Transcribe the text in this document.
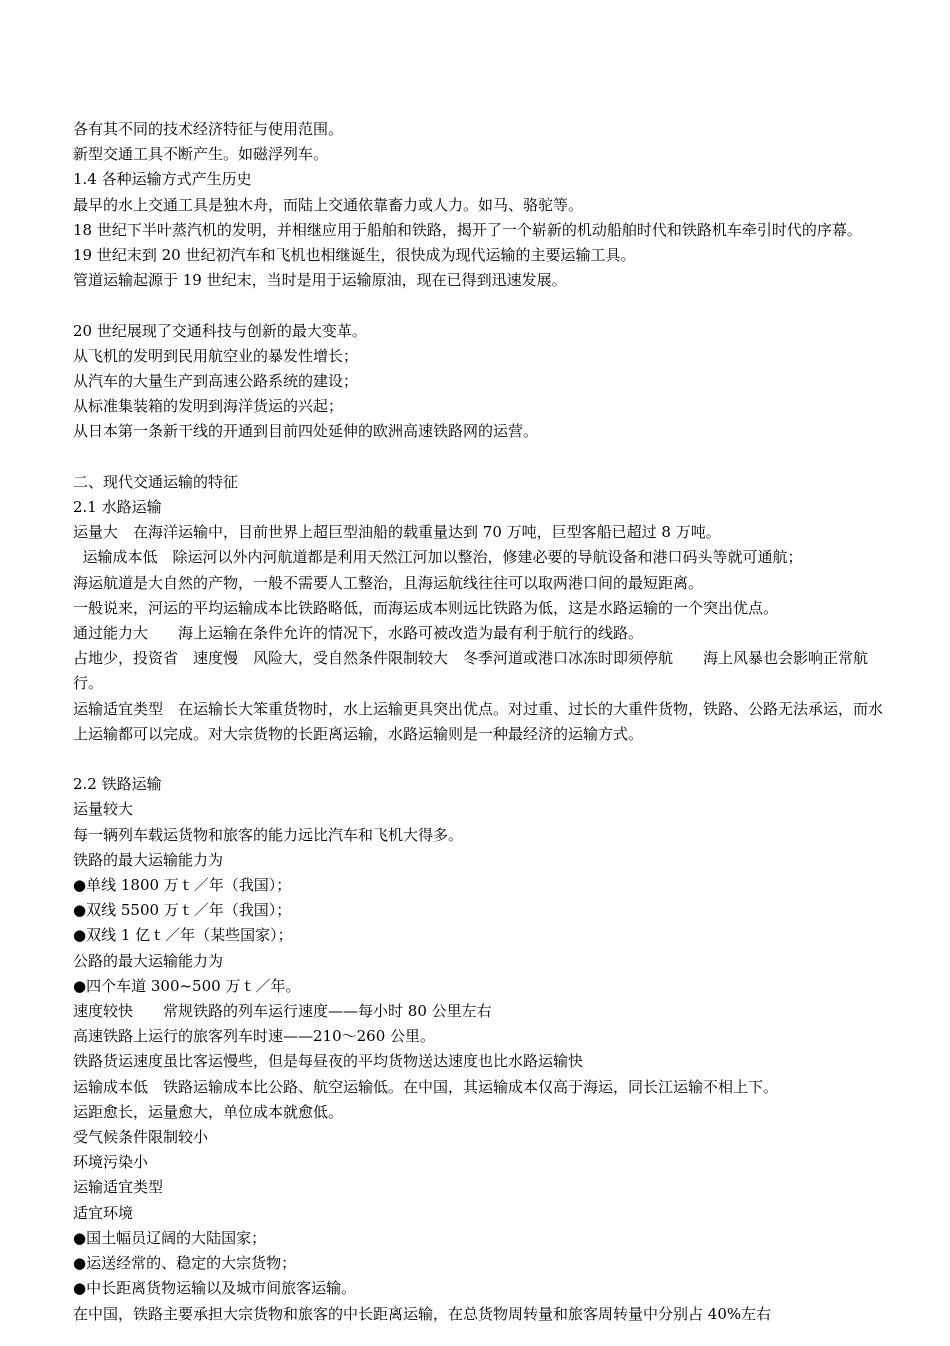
各有其不同的技术经济特征与使用范围。
新型交通工具不断产生。如磁浮列车。
1.4 各种运输方式产生历史
最早的水上交通工具是独木舟，而陆上交通依靠畜力或人力。如马、骆驼等。
18 世纪下半叶蒸汽机的发明，并相继应用于船舶和铁路，揭开了一个崭新的机动船舶时代和铁路机车牵引时代的序幕。
19 世纪末到 20 世纪初汽车和飞机也相继诞生，很快成为现代运输的主要运输工具。
管道运输起源于 19 世纪末，当时是用于运输原油，现在已得到迅速发展。
20 世纪展现了交通科技与创新的最大变革。
从飞机的发明到民用航空业的暴发性增长；
从汽车的大量生产到高速公路系统的建设；
从标准集装箱的发明到海洋货运的兴起；
从日本第一条新干线的开通到目前四处延伸的欧洲高速铁路网的运营。
二、现代交通运输的特征
2.1 水路运输
运量大　在海洋运输中，目前世界上超巨型油船的载重量达到 70 万吨，巨型客船已超过 8 万吨。
运输成本低　除运河以外内河航道都是利用天然江河加以整治，修建必要的导航设备和港口码头等就可通航；
海运航道是大自然的产物，一般不需要人工整治，且海运航线往往可以取两港口间的最短距离。
一般说来，河运的平均运输成本比铁路略低，而海运成本则远比铁路为低，这是水路运输的一个突出优点。
通过能力大　　海上运输在条件允许的情况下，水路可被改造为最有利于航行的线路。
占地少，投资省　速度慢　风险大，受自然条件限制较大　冬季河道或港口冰冻时即须停航　　海上风暴也会影响正常航行。
运输适宜类型　在运输长大笨重货物时，水上运输更具突出优点。对过重、过长的大重件货物，铁路、公路无法承运，而水上运输都可以完成。对大宗货物的长距离运输，水路运输则是一种最经济的运输方式。
2.2 铁路运输
运量较大
每一辆列车载运货物和旅客的能力远比汽车和飞机大得多。
铁路的最大运输能力为
●单线 1800 万ｔ／年（我国）；
●双线 5500 万ｔ／年（我国）；
●双线 1 亿ｔ／年（某些国家）；
公路的最大运输能力为
●四个车道 300~500 万ｔ／年。
速度较快　　常规铁路的列车运行速度——每小时 80 公里左右
高速铁路上运行的旅客列车时速——210～260 公里。
铁路货运速度虽比客运慢些，但是每昼夜的平均货物送达速度也比水路运输快
运输成本低　铁路运输成本比公路、航空运输低。在中国，其运输成本仅高于海运，同长江运输不相上下。
运距愈长，运量愈大，单位成本就愈低。
受气候条件限制较小
环境污染小
运输适宜类型
适宜环境
●国土幅员辽阔的大陆国家；
●运送经常的、稳定的大宗货物；
●中长距离货物运输以及城市间旅客运输。
在中国，铁路主要承担大宗货物和旅客的中长距离运输，在总货物周转量和旅客周转量中分别占 40%左右
